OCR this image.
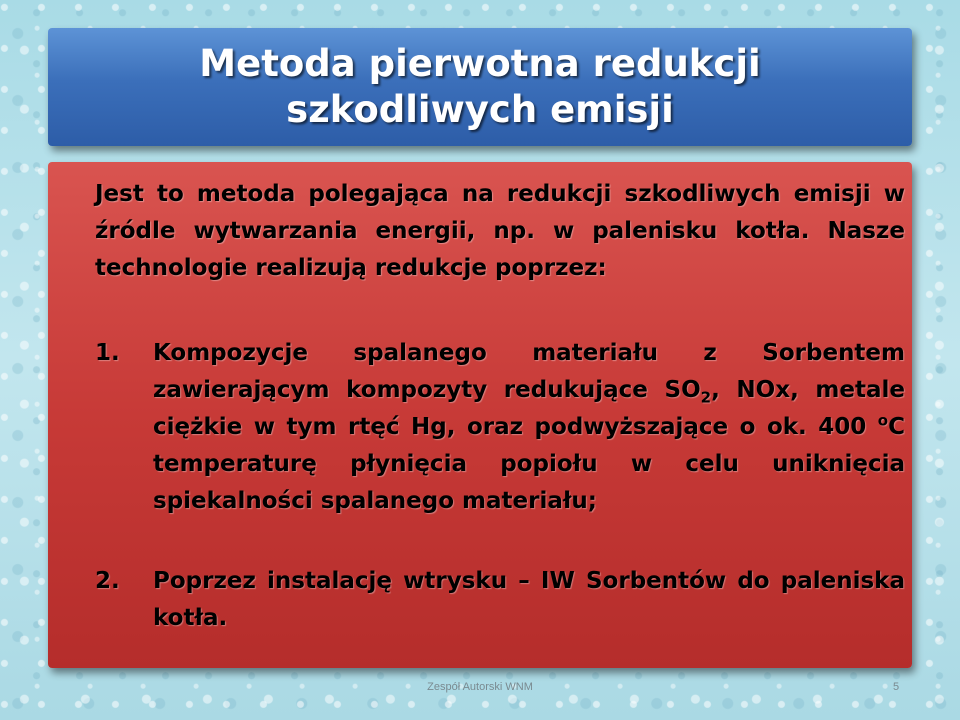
Metoda pierwotna redukcji
szkodliwych emisji

Jest to metoda polegająca na redukcji szkodliwych emisji w źródle wytwarzania energii, np. w palenisku kotła. Nasze technologie realizują redukcje poprzez:

1. Kompozycje spalanego materiału z Sorbentem zawierającym kompozyty redukujące $SO_2$, NOx, metale ciężkie w tym rtęć Hg, oraz podwyższające o ok. 400 $^o$C temperaturę płynięcia popiołu w celu uniknięcia spiekalności spalanego materiału;
2. Poprzez instalację wtrysku – IW Sorbentów do paleniska kotła.
Zespół Autorski WNM	5
